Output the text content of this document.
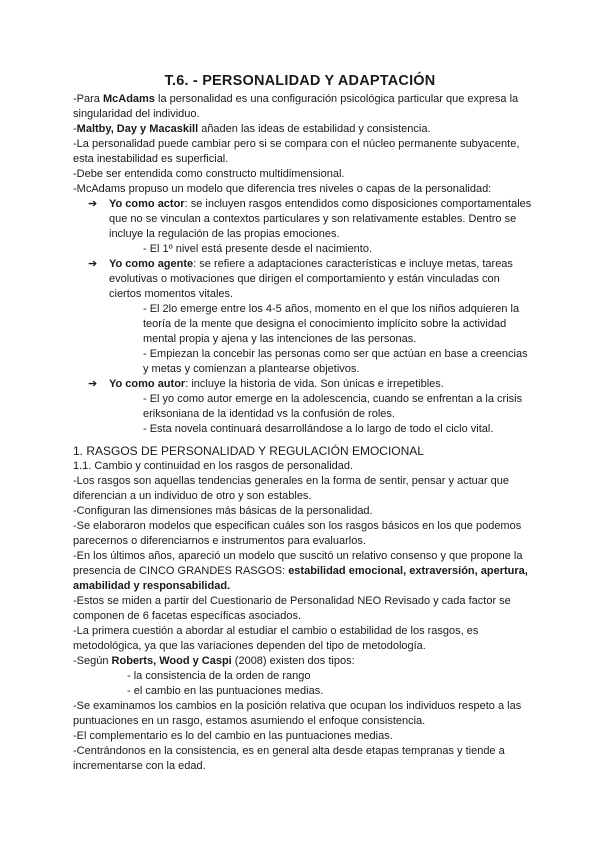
T.6. - PERSONALIDAD Y ADAPTACIÓN

-Para McAdams la personalidad es una configuración psicológica particular que expresa la singularidad del individuo.

-Maltby, Day y Macaskill añaden las ideas de estabilidad y consistencia.

-La personalidad puede cambiar pero si se compara con el núcleo permanente subyacente, esta inestabilidad es superficial.

-Debe ser entendida como constructo multidimensional.

-McAdams propuso un modelo que diferencia tres niveles o capas de la personalidad:

➔ Yo como actor: se incluyen rasgos entendidos como disposiciones comportamentales que no se vinculan a contextos particulares y son relativamente estables. Dentro se incluye la regulación de las propias emociones.

- El 1º nivel está presente desde el nacimiento.

➔ Yo como agente: se refiere a adaptaciones características e incluye metas, tareas evolutivas o motivaciones que dirigen el comportamiento y están vinculadas con ciertos momentos vitales.

- El 2lo emerge entre los 4-5 años, momento en el que los niños adquieren la teoría de la mente que designa el conocimiento implícito sobre la actividad mental propia y ajena y las intenciones de las personas.

- Empiezan la concebir las personas como ser que actúan en base a creencias y metas y comienzan a plantearse objetivos.

➔ Yo como autor: incluye la historia de vida. Son únicas e irrepetibles.

- El yo como autor emerge en la adolescencia, cuando se enfrentan a la crisis eriksoniana de la identidad vs la confusión de roles.

- Esta novela continuará desarrollándose a lo largo de todo el ciclo vital.

1. RASGOS DE PERSONALIDAD Y REGULACIÓN EMOCIONAL

1.1. Cambio y continuidad en los rasgos de personalidad.

-Los rasgos son aquellas tendencias generales en la forma de sentir, pensar y actuar que diferencian a un individuo de otro y son estables.

-Configuran las dimensiones más básicas de la personalidad.

-Se elaboraron modelos que especifican cuáles son los rasgos básicos en los que podemos parecernos o diferenciarnos e instrumentos para evaluarlos.

-En los últimos años, apareció un modelo que suscitó un relativo consenso y que propone la presencia de CINCO GRANDES RASGOS: estabilidad emocional, extraversión, apertura, amabilidad y responsabilidad.

-Estos se miden a partir del Cuestionario de Personalidad NEO Revisado y cada factor se componen de 6 facetas específicas asociados.

-La primera cuestión a abordar al estudiar el cambio o estabilidad de los rasgos, es metodológica, ya que las variaciones dependen del tipo de metodología.

-Según Roberts, Wood y Caspi (2008) existen dos tipos:

- la consistencia de la orden de rango

- el cambio en las puntuaciones medias.

-Se examinamos los cambios en la posición relativa que ocupan los individuos respeto a las puntuaciones en un rasgo, estamos asumiendo el enfoque consistencia.

-El complementario es lo del cambio en las puntuaciones medias.

-Centrándonos en la consistencia, es en general alta desde etapas tempranas y tiende a incrementarse con la edad.
